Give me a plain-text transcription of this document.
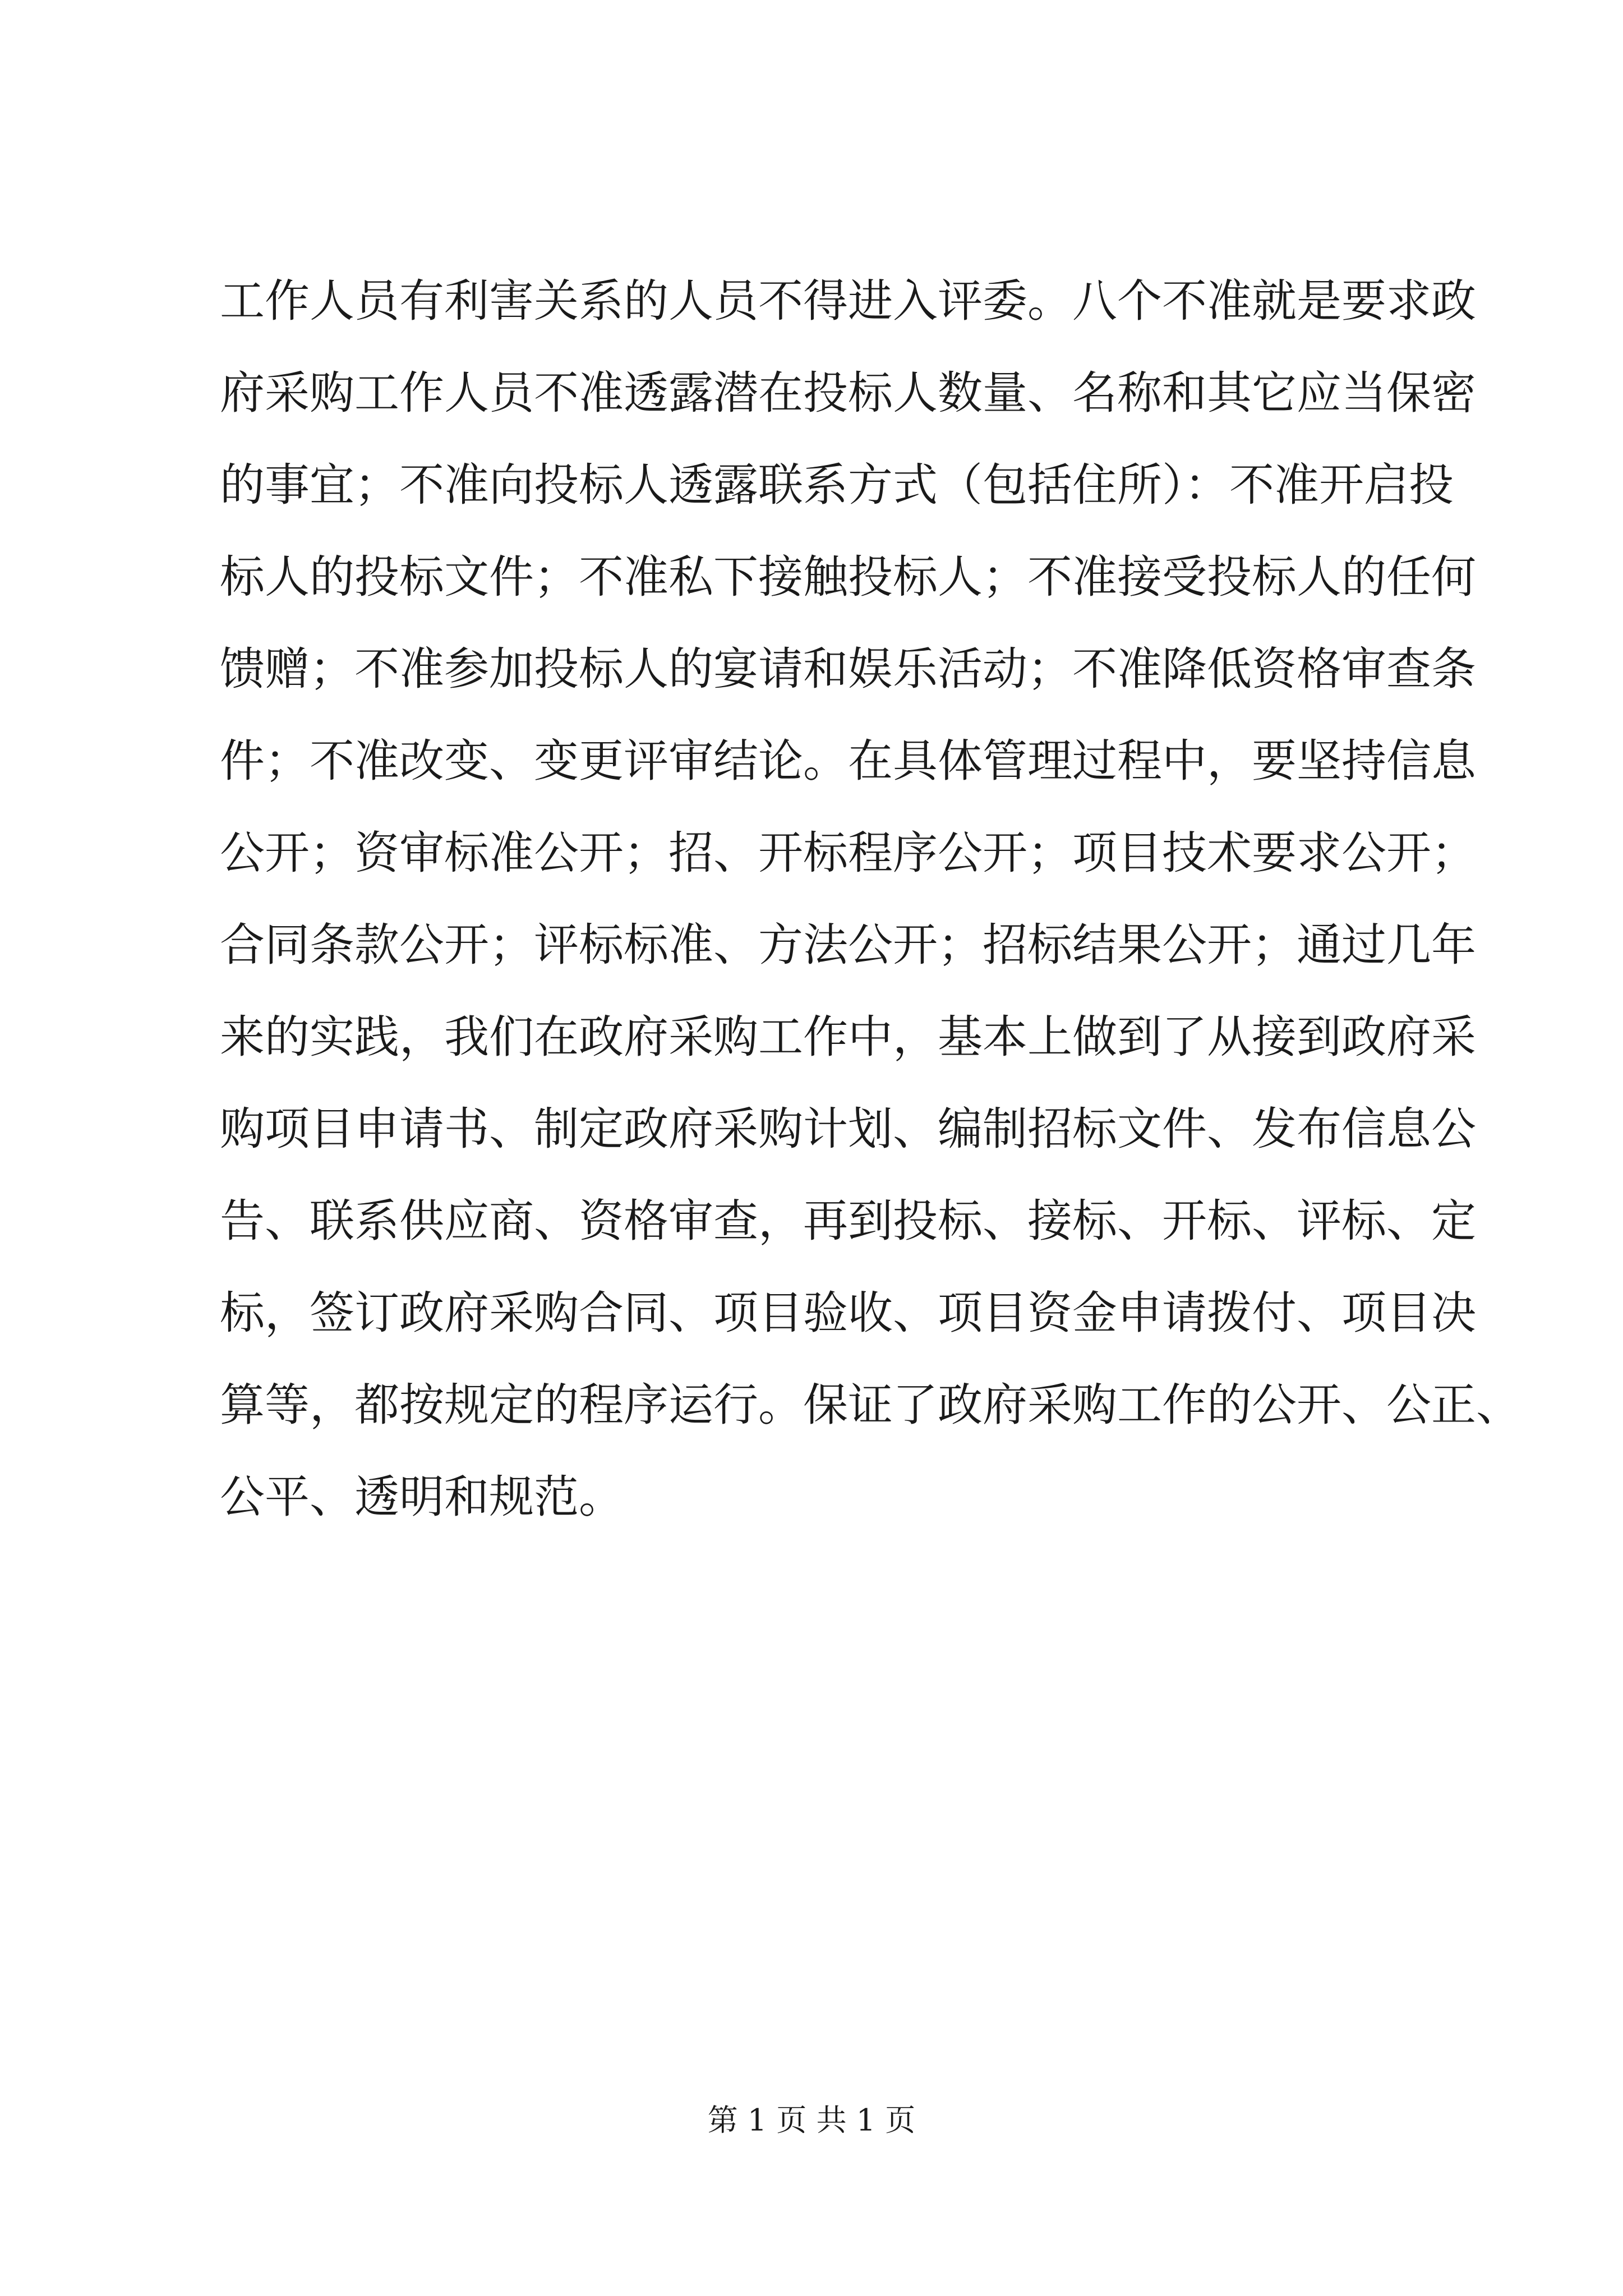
工作人员有利害关系的人员不得进入评委。八个不准就是要求政
府采购工作人员不准透露潜在投标人数量、名称和其它应当保密
的事宜；不准向投标人透露联系方式（包括住所）：不准开启投
标人的投标文件；不准私下接触投标人；不准接受投标人的任何
馈赠；不准参加投标人的宴请和娱乐活动；不准降低资格审查条
件；不准改变、变更评审结论。在具体管理过程中，要坚持信息
公开；资审标准公开；招、开标程序公开；项目技术要求公开；
合同条款公开；评标标准、方法公开；招标结果公开；通过几年
来的实践，我们在政府采购工作中，基本上做到了从接到政府采
购项目申请书、制定政府采购计划、编制招标文件、发布信息公
告、联系供应商、资格审查，再到投标、接标、开标、评标、定
标，签订政府采购合同、项目验收、项目资金申请拨付、项目决
算等，都按规定的程序运行。保证了政府采购工作的公开、公正、
公平、透明和规范。
第 1 页 共 1 页
